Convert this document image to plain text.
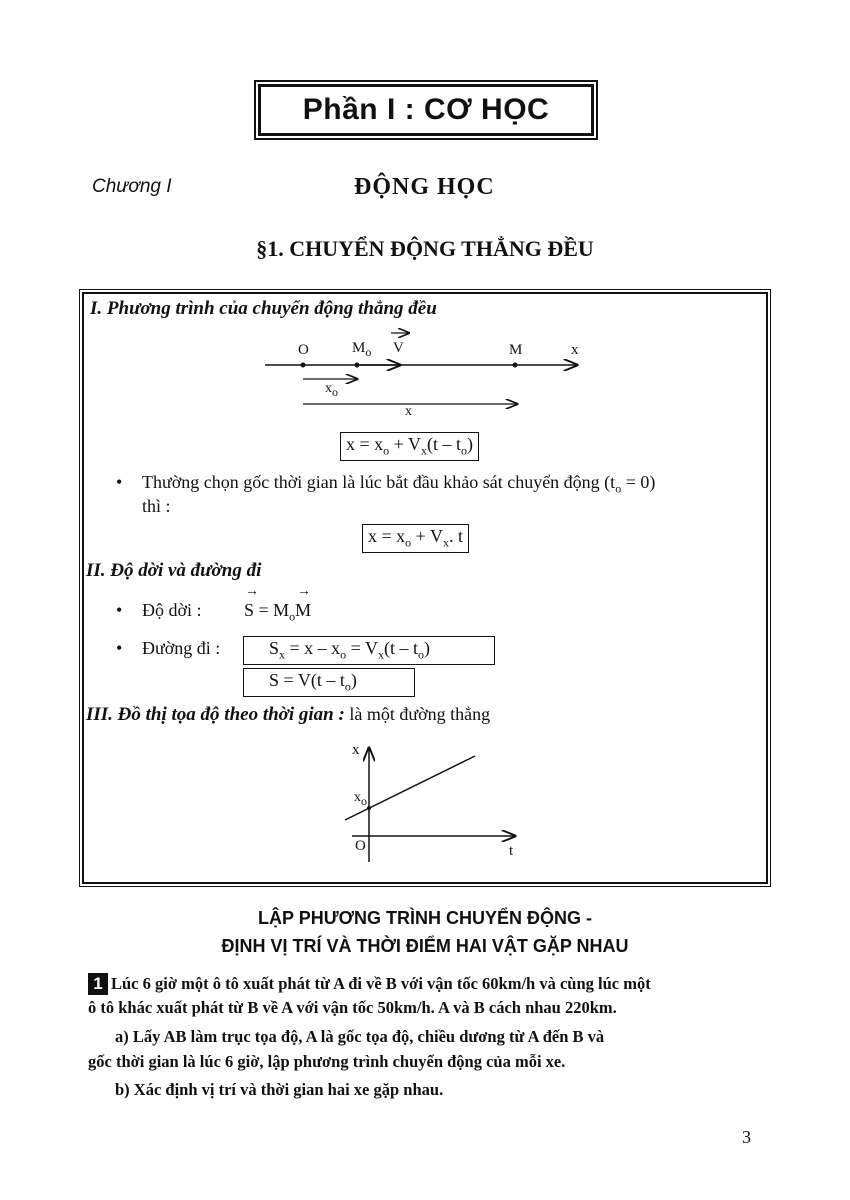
Phần I : CƠ HỌC
Chương I	ĐỘNG HỌC
§1. CHUYỂN ĐỘNG THẲNG ĐỀU
I. Phương trình của chuyển động thẳng đều
O	$M_o$ V	M	x
$x_o$
x
$x = x_o + V_x(t - t_o)$
• Thường chọn gốc thời gian là lúc bắt đầu khảo sát chuyển động $(t_o = 0)$
thì :
$x = x_o + V_x$. t
II. Độ dời và đường đi
• Độ dời : $S = M_oM$
→	→
• Đường đi :	$S_x = x - x_o = V_x(t - t_o)$
$S = V(t - t_o)$
III. Đồ thị tọa độ theo thời gian : là một đường thẳng
x
$x_o$
O	t
LẬP PHƯƠNG TRÌNH CHUYỂN ĐỘNG -
ĐỊNH VỊ TRÍ VÀ THỜI ĐIỂM HAI VẬT GẶP NHAU
1 Lúc 6 giờ một ô tô xuất phát từ A đi về B với vận tốc 60km/h và cùng lúc một
ô tô khác xuất phát từ B về A với vận tốc 50km/h. A và B cách nhau 220km.
a) Lấy AB làm trục tọa độ, A là gốc tọa độ, chiều dương từ A đến B và
gốc thời gian là lúc 6 giờ, lập phương trình chuyển động của mỗi xe.
b) Xác định vị trí và thời gian hai xe gặp nhau.
3
